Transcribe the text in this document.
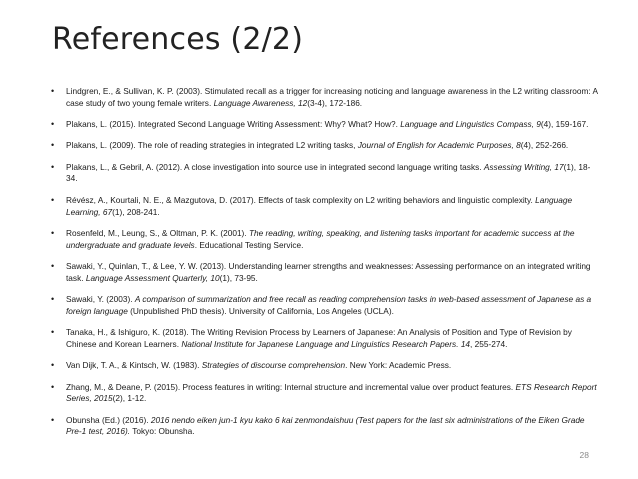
References (2/2)
• Lindgren, E., & Sullivan, K. P. (2003). Stimulated recall as a trigger for increasing noticing and language awareness in the L2 writing classroom: A case study of two young female writers. Language Awareness, 12(3-4), 172-186.
• Plakans, L. (2015). Integrated Second Language Writing Assessment: Why? What? How?. Language and Linguistics Compass, 9(4), 159-167.
• Plakans, L. (2009). The role of reading strategies in integrated L2 writing tasks, Journal of English for Academic Purposes, 8(4), 252-266.
• Plakans, L., & Gebril, A. (2012). A close investigation into source use in integrated second language writing tasks. Assessing Writing, 17(1), 18-34.
• Révész, A., Kourtali, N. E., & Mazgutova, D. (2017). Effects of task complexity on L2 writing behaviors and linguistic complexity. Language Learning, 67(1), 208-241.
• Rosenfeld, M., Leung, S., & Oltman, P. K. (2001). The reading, writing, speaking, and listening tasks important for academic success at the undergraduate and graduate levels. Educational Testing Service.
• Sawaki, Y., Quinlan, T., & Lee, Y. W. (2013). Understanding learner strengths and weaknesses: Assessing performance on an integrated writing task. Language Assessment Quarterly, 10(1), 73-95.
• Sawaki, Y. (2003). A comparison of summarization and free recall as reading comprehension tasks in web-based assessment of Japanese as a foreign language (Unpublished PhD thesis). University of California, Los Angeles (UCLA).
• Tanaka, H., & Ishiguro, K. (2018). The Writing Revision Process by Learners of Japanese: An Analysis of Position and Type of Revision by Chinese and Korean Learners. National Institute for Japanese Language and Linguistics Research Papers. 14, 255-274.
• Van Dijk, T. A., & Kintsch, W. (1983). Strategies of discourse comprehension. New York: Academic Press.
• Zhang, M., & Deane, P. (2015). Process features in writing: Internal structure and incremental value over product features. ETS Research Report Series, 2015(2), 1-12.
• Obunsha (Ed.) (2016). 2016 nendo eiken jun-1 kyu kako 6 kai zenmondaishuu (Test papers for the last six administrations of the Eiken Grade Pre-1 test, 2016). Tokyo: Obunsha.
28
